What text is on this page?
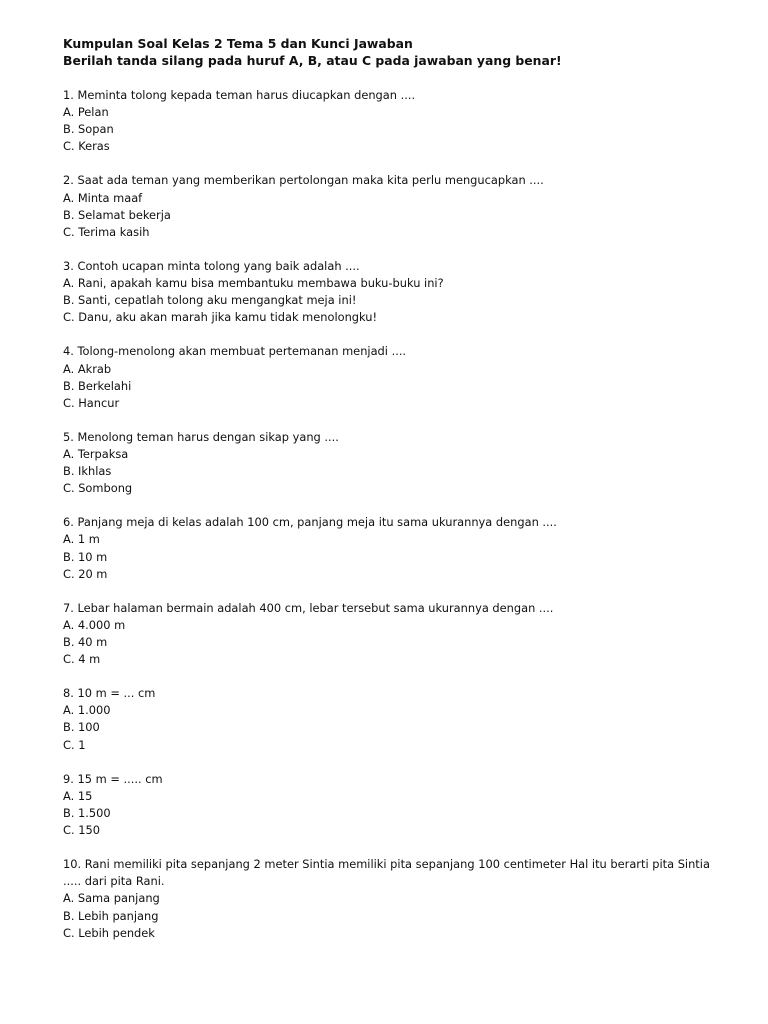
Kumpulan Soal Kelas 2 Tema 5 dan Kunci Jawaban
Berilah tanda silang pada huruf A, B, atau C pada jawaban yang benar!
1. Meminta tolong kepada teman harus diucapkan dengan ....
A. Pelan
B. Sopan
C. Keras
2. Saat ada teman yang memberikan pertolongan maka kita perlu mengucapkan ....
A. Minta maaf
B. Selamat bekerja
C. Terima kasih
3. Contoh ucapan minta tolong yang baik adalah ....
A. Rani, apakah kamu bisa membantuku membawa buku-buku ini?
B. Santi, cepatlah tolong aku mengangkat meja ini!
C. Danu, aku akan marah jika kamu tidak menolongku!
4. Tolong-menolong akan membuat pertemanan menjadi ....
A. Akrab
B. Berkelahi
C. Hancur
5. Menolong teman harus dengan sikap yang ....
A. Terpaksa
B. Ikhlas
C. Sombong
6. Panjang meja di kelas adalah 100 cm, panjang meja itu sama ukurannya dengan ....
A. 1 m
B. 10 m
C. 20 m
7. Lebar halaman bermain adalah 400 cm, lebar tersebut sama ukurannya dengan ....
A. 4.000 m
B. 40 m
C. 4 m
8. 10 m = ... cm
A. 1.000
B. 100
C. 1
9. 15 m = ..... cm
A. 15
B. 1.500
C. 150
10. Rani memiliki pita sepanjang 2 meter Sintia memiliki pita sepanjang 100 centimeter Hal itu berarti pita Sintia ..... dari pita Rani.
A. Sama panjang
B. Lebih panjang
C. Lebih pendek
